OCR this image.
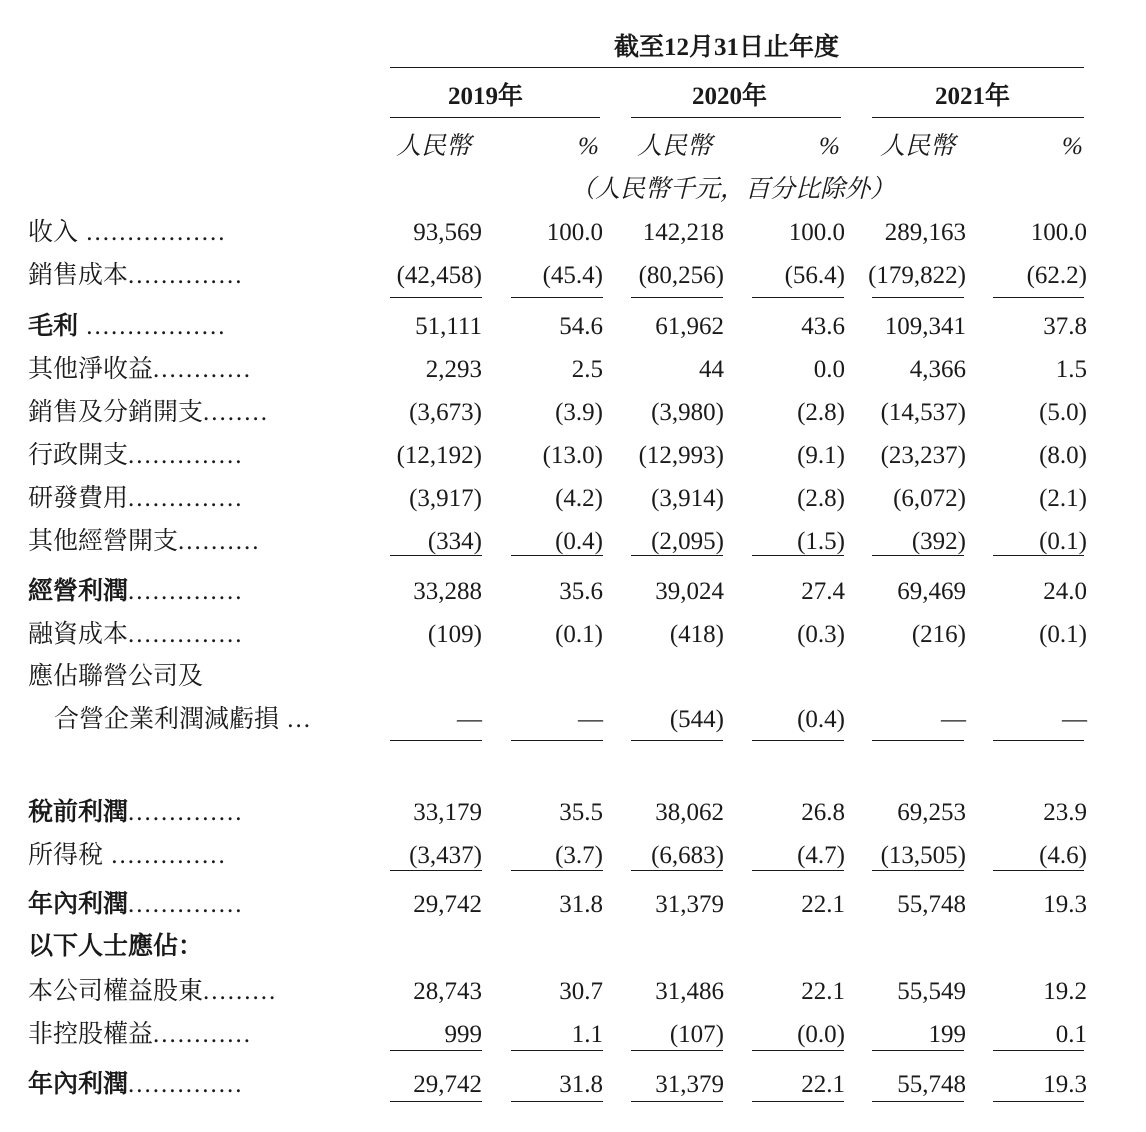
截至12月31日止年度
2019年	2020年	2021年
人民幣	% 人民幣	% 人民幣	%
（人民幣千元，百分比除外）
收入 .................	93,569	100.0 142,218	100.0 289,163	100.0
銷售成本..............	(42,458) (45.4) (80,256) (56.4) (179,822) (62.2)
毛利 .................	51,111	54.6 61,962	43.6 109,341	37.8
其他淨收益............	2,293	2.5	44	0.0	4,366	1.5
銷售及分銷開支........	(3,673)	(3.9) (3,980)	(2.8) (14,537)	(5.0)
行政開支..............	(12,192) (13.0) (12,993)	(9.1) (23,237)	(8.0)
研發費用..............	(3,917)	(4.2) (3,914)	(2.8) (6,072)	(2.1)
其他經營開支..........	(334)	(0.4) (2,095)	(1.5)	(392)	(0.1)
經營利潤..............	33,288	35.6 39,024	27.4 69,469	24.0
融資成本..............	(109)	(0.1)	(418)	(0.3)	(216)	(0.1)
應佔聯營公司及
合營企業利潤減虧損 ...	—	—	(544)	(0.4)	—	—
稅前利潤..............	33,179	35.5 38,062	26.8 69,253	23.9
所得稅 ..............	(3,437)	(3.7) (6,683)	(4.7) (13,505)	(4.6)
年內利潤..............	29,742	31.8 31,379	22.1 55,748	19.3
以下人士應佔：
本公司權益股東.........	28,743	30.7 31,486	22.1 55,549	19.2
非控股權益............	999	1.1	(107)	(0.0)	199	0.1
年內利潤..............	29,742	31.8 31,379	22.1 55,748	19.3
